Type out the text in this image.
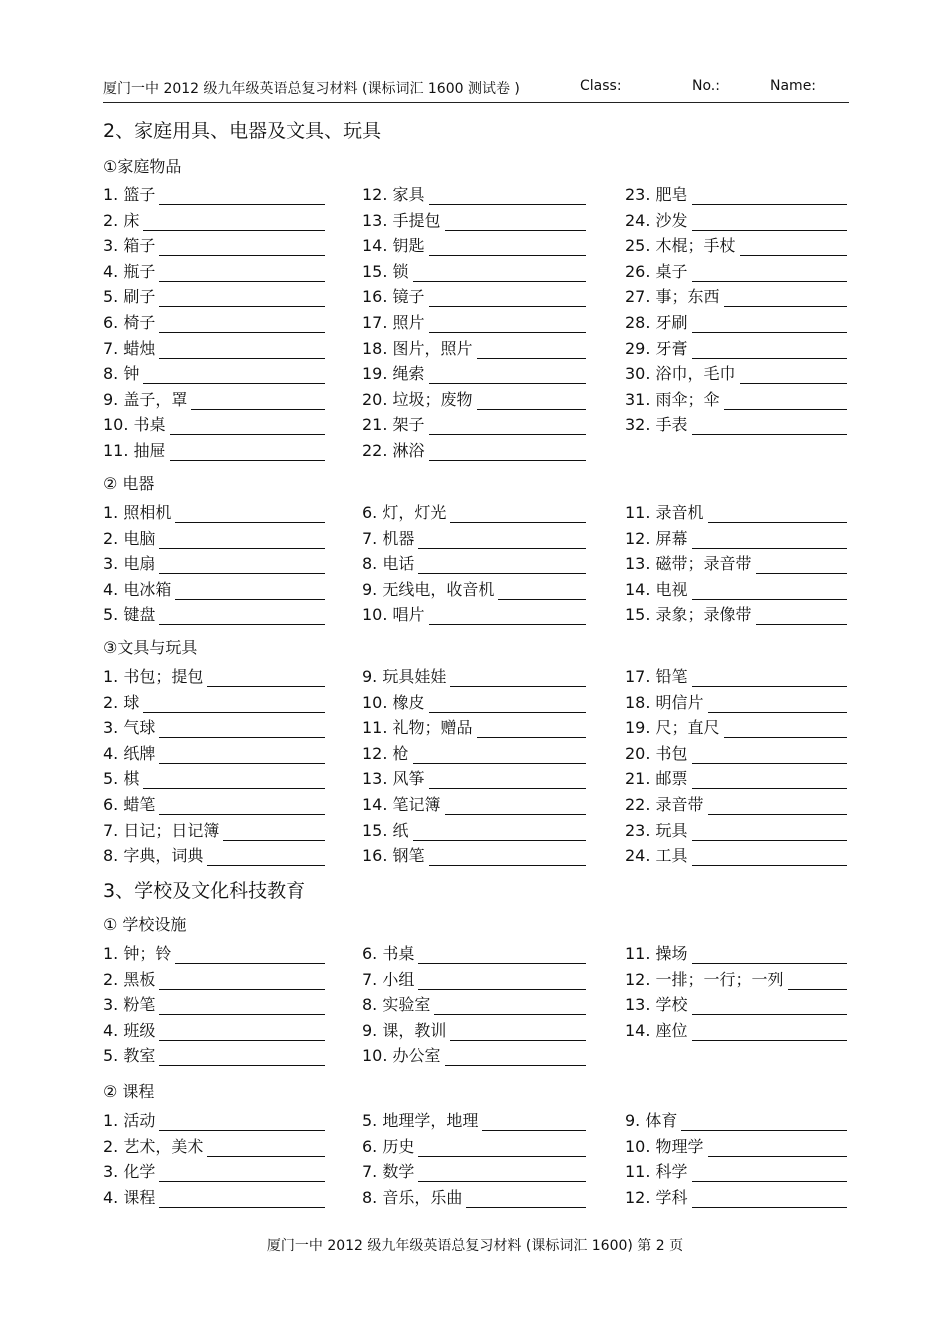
厦门一中 2012 级九年级英语总复习材料 (课标词汇 1600 测试卷 )	Class:	No.:	Name:
2、家庭用具、电器及文具、玩具
①家庭物品
1. 篮子	12. 家具	23. 肥皂
2. 床	13. 手提包	24. 沙发
3. 箱子	14. 钥匙	25. 木棍；手杖
4. 瓶子	15. 锁	26. 桌子
5. 刷子	16. 镜子	27. 事；东西
6. 椅子	17. 照片	28. 牙刷
7. 蜡烛	18. 图片，照片	29. 牙膏
8. 钟	19. 绳索	30. 浴巾，毛巾
9. 盖子，罩	20. 垃圾；废物	31. 雨伞；伞
10. 书桌	21. 架子	32. 手表
11. 抽屉	22. 淋浴
② 电器
1. 照相机	6. 灯，灯光	11. 录音机
2. 电脑	7. 机器	12. 屏幕
3. 电扇	8. 电话	13. 磁带；录音带
4. 电冰箱	9. 无线电，收音机	14. 电视
5. 键盘	10. 唱片	15. 录象；录像带
③文具与玩具
1. 书包；提包	9. 玩具娃娃	17. 铅笔
2. 球	10. 橡皮	18. 明信片
3. 气球	11. 礼物；赠品	19. 尺；直尺
4. 纸牌	12. 枪	20. 书包
5. 棋	13. 风筝	21. 邮票
6. 蜡笔	14. 笔记簿	22. 录音带
7. 日记；日记簿	15. 纸	23. 玩具
8. 字典，词典	16. 钢笔	24. 工具
3、学校及文化科技教育
① 学校设施
1. 钟；铃	6. 书桌	11. 操场
2. 黑板	7. 小组	12. 一排；一行；一列
3. 粉笔	8. 实验室	13. 学校
4. 班级	9. 课，教训	14. 座位
5. 教室	10. 办公室
② 课程
1. 活动	5. 地理学，地理	9. 体育
2. 艺术，美术	6. 历史	10. 物理学
3. 化学	7. 数学	11. 科学
4. 课程	8. 音乐，乐曲	12. 学科
厦门一中 2012 级九年级英语总复习材料 (课标词汇 1600) 第 2 页
